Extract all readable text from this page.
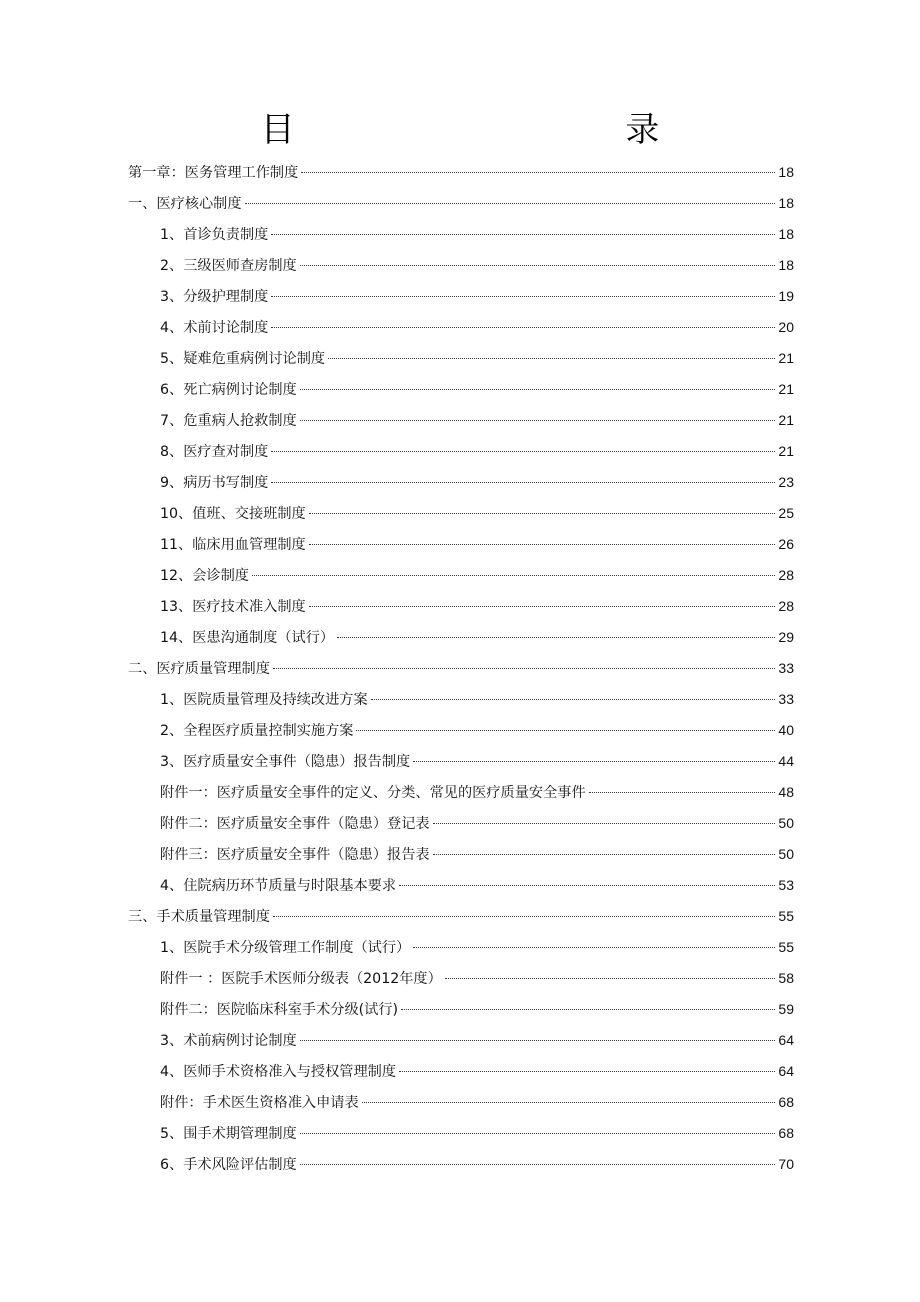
目 录
第一章：医务管理工作制度	18
一、医疗核心制度	18
1、首诊负责制度	18
2、三级医师查房制度	18
3、分级护理制度	19
4、术前讨论制度	20
5、疑难危重病例讨论制度	21
6、死亡病例讨论制度	21
7、危重病人抢救制度	21
8、医疗查对制度	21
9、病历书写制度	23
10、值班、交接班制度	25
11、临床用血管理制度	26
12、会诊制度	28
13、医疗技术准入制度	28
14、医患沟通制度（试行）	29
二、医疗质量管理制度	33
1、医院质量管理及持续改进方案	33
2、全程医疗质量控制实施方案	40
3、医疗质量安全事件（隐患）报告制度	44
附件一：医疗质量安全事件的定义、分类、常见的医疗质量安全事件	48
附件二：医疗质量安全事件（隐患）登记表	50
附件三：医疗质量安全事件（隐患）报告表	50
4、住院病历环节质量与时限基本要求	53
三、手术质量管理制度	55
1、医院手术分级管理工作制度（试行）	55
附件一 ：医院手术医师分级表（2012年度）	58
附件二：医院临床科室手术分级(试行)	59
3、术前病例讨论制度	64
4、医师手术资格准入与授权管理制度	64
附件：手术医生资格准入申请表	68
5、围手术期管理制度	68
6、手术风险评估制度	70
